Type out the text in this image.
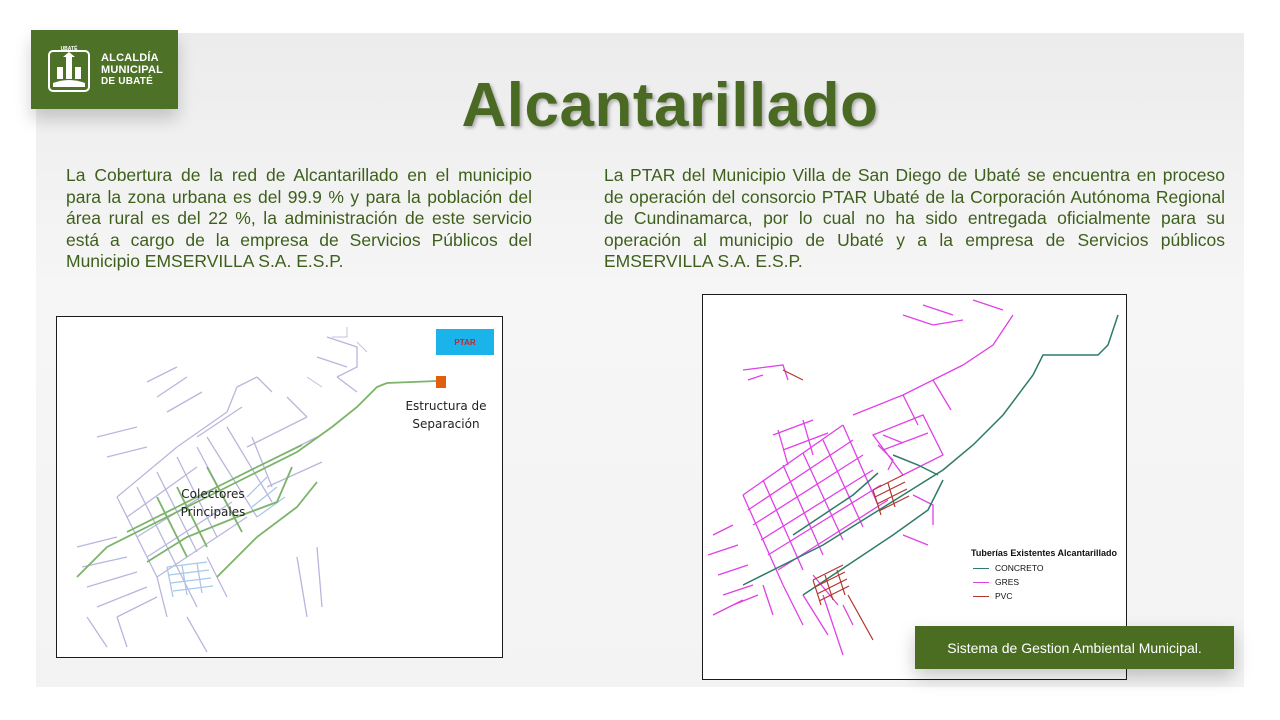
UBATÉ
ALCALDÍA
MUNICIPAL
DE UBATÉ	Alcantarillado

La Cobertura de la red de Alcantarillado en el municipio para la zona urbana es del 99.9 % y para la población del área rural es del 22 %, la administración de este servicio está a cargo de la empresa de Servicios Públicos del Municipio EMSERVILLA S.A. E.S.P.

La PTAR del Municipio Villa de San Diego de Ubaté se encuentra en proceso de operación del consorcio PTAR Ubaté de la Corporación Autónoma Regional de Cundinamarca, por lo cual no ha sido entregada oficialmente para su operación al municipio de Ubaté y a la empresa de Servicios públicos EMSERVILLA S.A. E.S.P.

PTAR
Estructura de
Separación
Colectores
Principales
Tuberías Existentes Alcantarillado
CONCRETO
GRES
PVC
Sistema de Gestion Ambiental Municipal.
